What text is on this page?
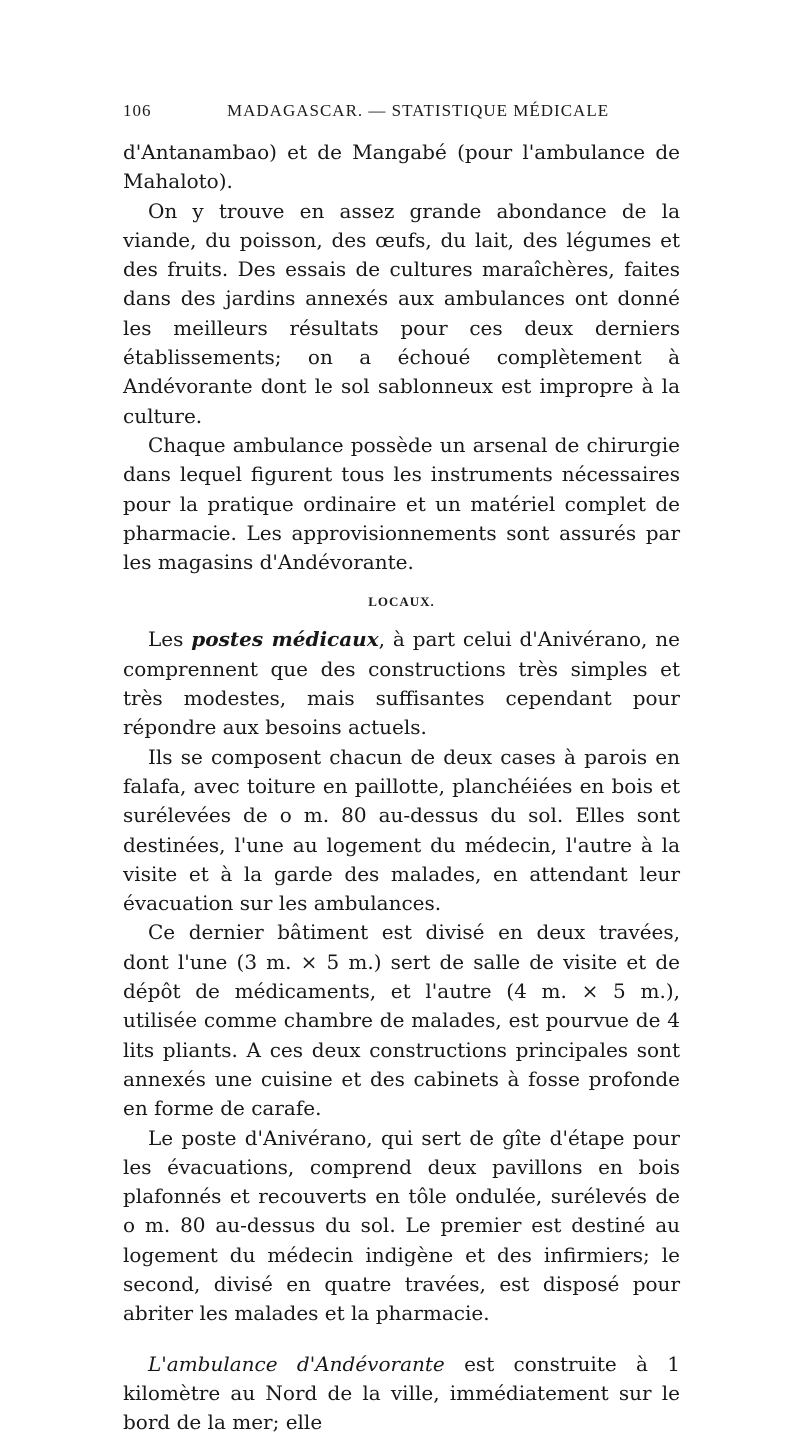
106	MADAGASCAR. — STATISTIQUE MÉDICALE

d'Antanambao) et de Mangabé (pour l'ambulance de Mahaloto).

On y trouve en assez grande abondance de la viande, du poisson, des œufs, du lait, des légumes et des fruits. Des essais de cultures maraîchères, faites dans des jardins annexés aux ambulances ont donné les meilleurs résultats pour ces deux derniers établissements; on a échoué complètement à Andévorante dont le sol sablonneux est impropre à la culture.

Chaque ambulance possède un arsenal de chirurgie dans lequel figurent tous les instruments nécessaires pour la pratique ordinaire et un matériel complet de pharmacie. Les approvisionnements sont assurés par les magasins d'Andévorante.

LOCAUX.

Les postes médicaux, à part celui d'Anivérano, ne comprennent que des constructions très simples et très modestes, mais suffisantes cependant pour répondre aux besoins actuels.

Ils se composent chacun de deux cases à parois en falafa, avec toiture en paillotte, planchéiées en bois et surélevées de o m. 80 au-dessus du sol. Elles sont destinées, l'une au logement du médecin, l'autre à la visite et à la garde des malades, en attendant leur évacuation sur les ambulances.

Ce dernier bâtiment est divisé en deux travées, dont l'une (3 m. × 5 m.) sert de salle de visite et de dépôt de médicaments, et l'autre (4 m. × 5 m.), utilisée comme chambre de malades, est pourvue de 4 lits pliants. A ces deux constructions principales sont annexés une cuisine et des cabinets à fosse profonde en forme de carafe.

Le poste d'Anivérano, qui sert de gîte d'étape pour les évacuations, comprend deux pavillons en bois plafonnés et recouverts en tôle ondulée, surélevés de o m. 80 au-dessus du sol. Le premier est destiné au logement du médecin indigène et des infirmiers; le second, divisé en quatre travées, est disposé pour abriter les malades et la pharmacie.

L'ambulance d'Andévorante est construite à 1 kilomètre au Nord de la ville, immédiatement sur le bord de la mer; elle
